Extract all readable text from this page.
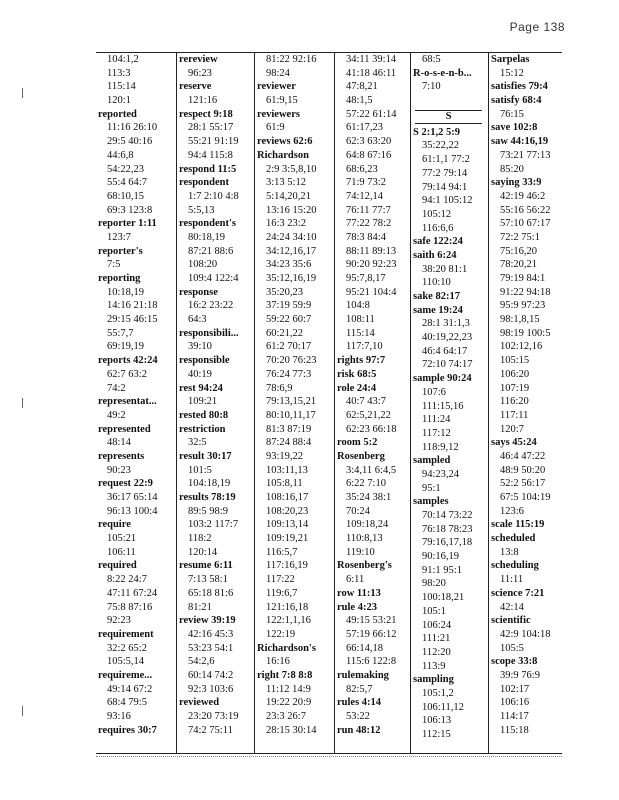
Page 138
104:1,2
113:3
115:14
120:1
reported
11:16 26:10
29:5 40:16
44:6,8
54:22,23
55:4 64:7
68:10,15
69:3 123:8
reporter 1:11
123:7
reporter's
7:5
reporting
10:18,19
14:16 21:18
29:15 46:15
55:7,7
69:19,19
reports 42:24
62:7 63:2
74:2
representat...
49:2
represented
48:14
represents
90:23
request 22:9
36:17 65:14
96:13 100:4
require
105:21
106:11
required
8:22 24:7
47:11 67:24
75:8 87:16
92:23
requirement
32:2 65:2
105:5,14
requireme...
49:14 67:2
68:4 79:5
93:16
requires 30:7
rereview
96:23
reserve
121:16
respect 9:18
28:1 55:17
55:21 91:19
94:4 115:8
respond 11:5
respondent
1:7 2:10 4:8
5:5,13
respondent's
80:18,19
87:21 88:6
108:20
109:4 122:4
response
16:2 23:22
64:3
responsibili...
39:10
responsible
40:19
rest 94:24
109:21
rested 80:8
restriction
32:5
result 30:17
101:5
104:18,19
results 78:19
89:5 98:9
103:2 117:7
118:2
120:14
resume 6:11
7:13 58:1
65:18 81:6
81:21
review 39:19
42:16 45:3
53:23 54:1
54:2,6
60:14 74:2
92:3 103:6
reviewed
23:20 73:19
74:2 75:11
81:22 92:16
98:24
reviewer
61:9,15
reviewers
61:9
reviews 62:6
Richardson
2:9 3:5,8,10
3:13 5:12
5:14,20,21
13:16 15:20
16:3 23:2
24:24 34:10
34:12,16,17
34:23 35:6
35:12,16,19
35:20,23
37:19 59:9
59:22 60:7
60:21,22
61:2 70:17
70:20 76:23
76:24 77:3
78:6,9
79:13,15,21
80:10,11,17
81:3 87:19
87:24 88:4
93:19,22
103:11,13
105:8,11
108:16,17
108:20,23
109:13,14
109:19,21
116:5,7
117:16,19
117:22
119:6,7
121:16,18
122:1,1,16
122:19
Richardson's
16:16
right 7:8 8:8
11:12 14:9
19:22 20:9
23:3 26:7
28:15 30:14
34:11 39:14
41:18 46:11
47:8,21
48:1,5
57:22 61:14
61:17,23
62:3 63:20
64:8 67:16
68:6,23
71:9 73:2
74:12,14
76:11 77:7
77:22 78:2
78:3 84:4
88:11 89:13
90:20 92:23
95:7,8,17
95:21 104:4
104:8
108:11
115:14
117:7,10
rights 97:7
risk 68:5
role 24:4
40:7 43:7
62:5,21,22
62:23 66:18
room 5:2
Rosenberg
3:4,11 6:4,5
6:22 7:10
35:24 38:1
70:24
109:18,24
110:8,13
119:10
Rosenberg's
6:11
row 11:13
rule 4:23
49:15 53:21
57:19 66:12
66:14,18
115:6 122:8
rulemaking
82:5,7
rules 4:14
53:22
run 48:12
68:5
R-o-s-e-n-b...
7:10
S
S 2:1,2 5:9
35:22,22
61:1,1 77:2
77:2 79:14
79:14 94:1
94:1 105:12
105:12
116:6,6
safe 122:24
saith 6:24
38:20 81:1
110:10
sake 82:17
same 19:24
28:1 31:1,3
40:19,22,23
46:4 64:17
72:10 74:17
sample 90:24
107:6
111:15,16
111:24
117:12
118:9,12
sampled
94:23,24
95:1
samples
70:14 73:22
76:18 78:23
79:16,17,18
90:16,19
91:1 95:1
98:20
100:18,21
105:1
106:24
111:21
112:20
113:9
sampling
105:1,2
106:11,12
106:13
112:15
Sarpelas
15:12
satisfies 79:4
satisfy 68:4
76:15
save 102:8
saw 44:16,19
73:21 77:13
85:20
saying 33:9
42:19 46:2
55:16 56:22
57:10 67:17
72:2 75:1
75:16,20
78:20,21
79:19 84:1
91:22 94:18
95:9 97:23
98:1,8,15
98:19 100:5
102:12,16
105:15
106:20
107:19
116:20
117:11
120:7
says 45:24
46:4 47:22
48:9 50:20
52:2 56:17
67:5 104:19
123:6
scale 115:19
scheduled
13:8
scheduling
11:11
science 7:21
42:14
scientific
42:9 104:18
105:5
scope 33:8
39:9 76:9
102:17
106:16
114:17
115:18
